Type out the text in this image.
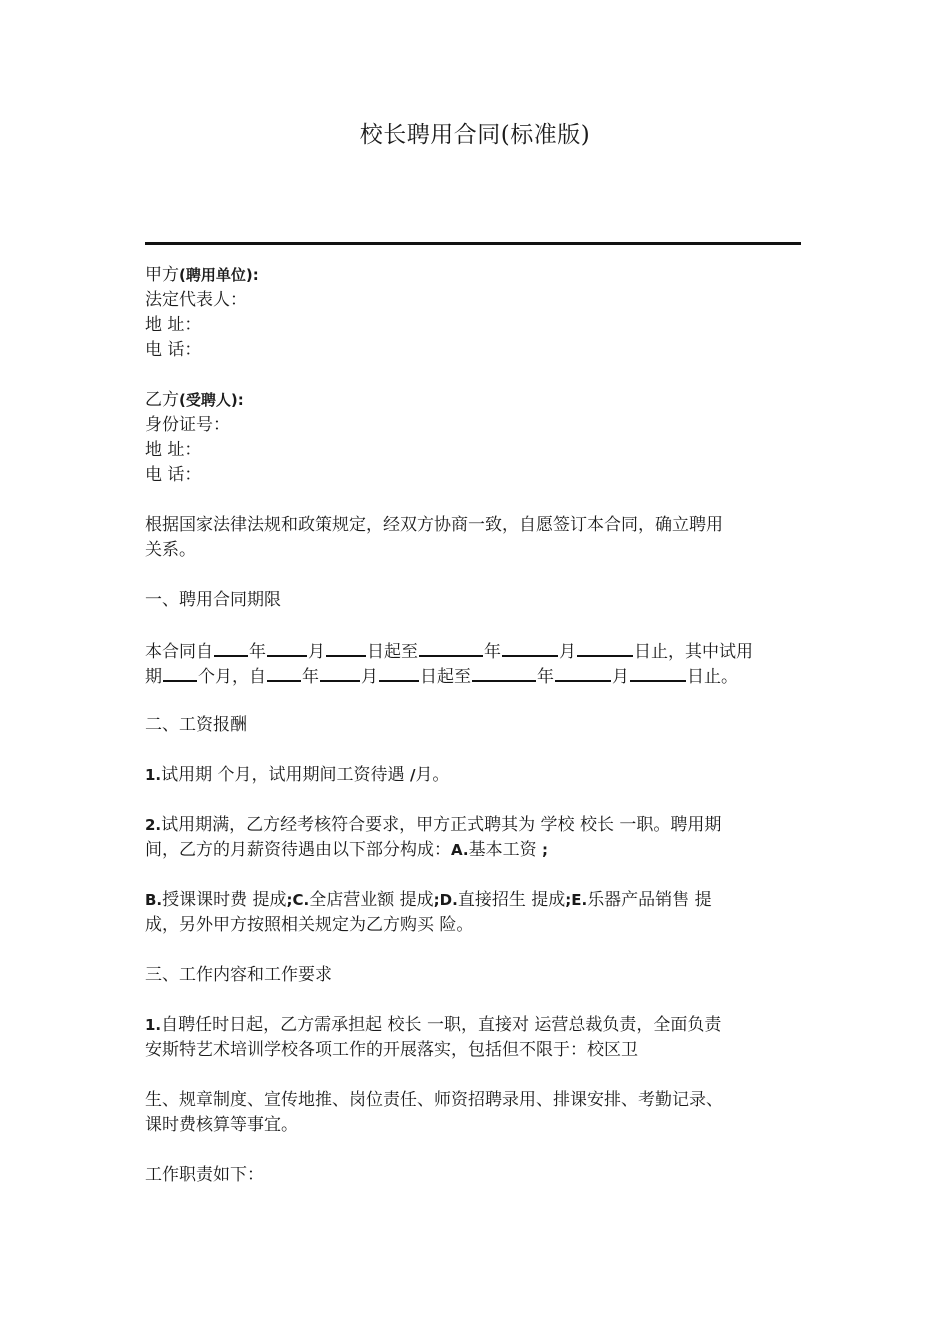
校长聘用合同(标准版)
甲方(聘用单位):
法定代表人：
地 址：
电 话：
乙方(受聘人):
身份证号：
地 址：
电 话：
根据国家法律法规和政策规定，经双方协商一致，自愿签订本合同，确立聘用
关系。
一、聘用合同期限
本合同自 年 月 日起至	年	月	日止，其中试用
期 个月，自 年 月 日起至	年	月	日止。
二、工资报酬
1.试用期 个月，试用期间工资待遇 /月。
2.试用期满，乙方经考核符合要求，甲方正式聘其为 学校 校长 一职。聘用期
间，乙方的月薪资待遇由以下部分构成：A.基本工资 ;
B.授课课时费 提成;C.全店营业额 提成;D.直接招生 提成;E.乐器产品销售 提
成，另外甲方按照相关规定为乙方购买 险。
三、工作内容和工作要求
1.自聘任时日起，乙方需承担起 校长 一职，直接对 运营总裁负责，全面负责
安斯特艺术培训学校各项工作的开展落实，包括但不限于：校区卫
生、规章制度、宣传地推、岗位责任、师资招聘录用、排课安排、考勤记录、
课时费核算等事宜。
工作职责如下：
